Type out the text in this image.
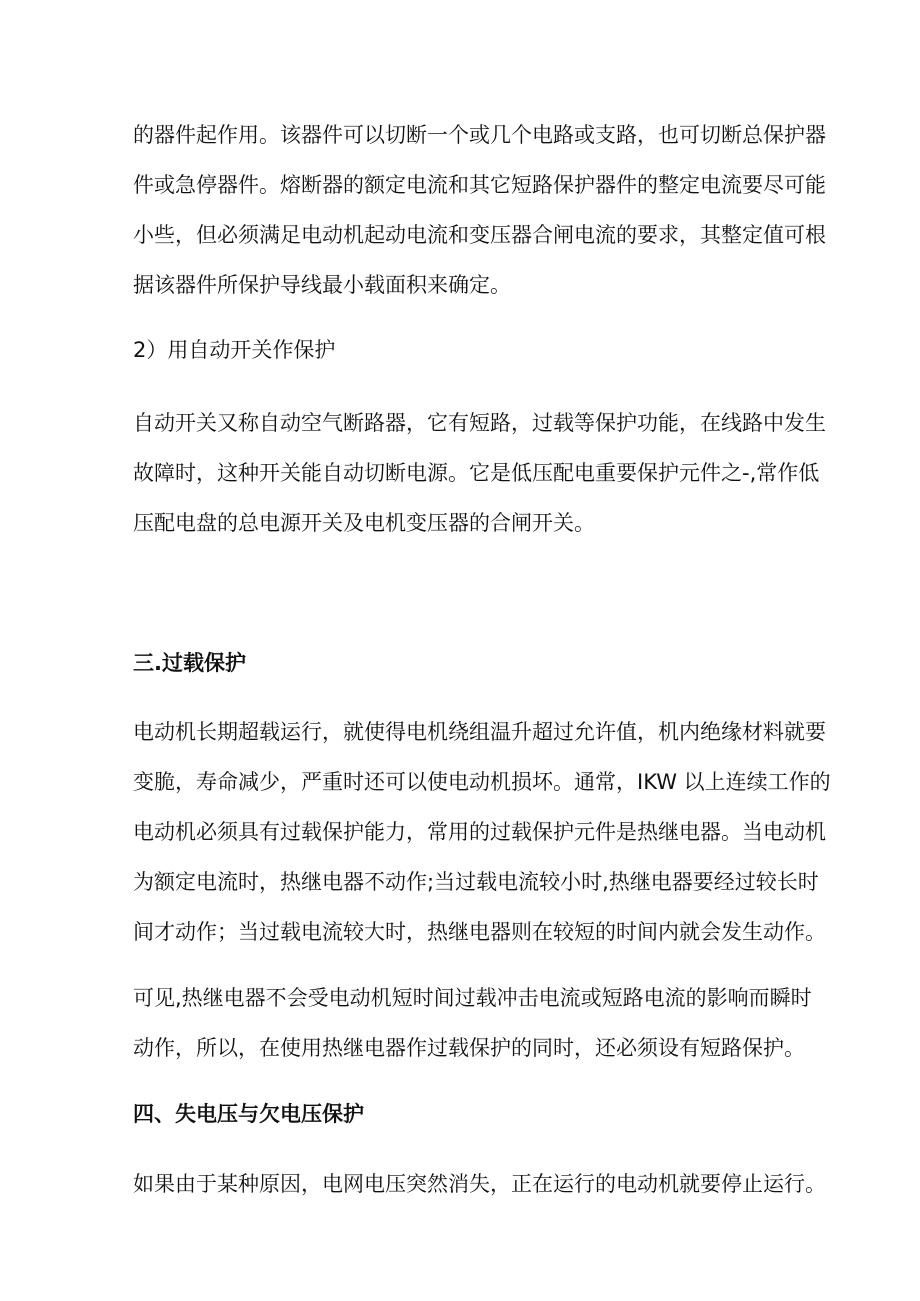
的器件起作用。该器件可以切断一个或几个电路或支路，也可切断总保护器
件或急停器件。熔断器的额定电流和其它短路保护器件的整定电流要尽可能
小些，但必须满足电动机起动电流和变压器合闸电流的要求，其整定值可根
据该器件所保护导线最小载面积来确定。
2）用自动开关作保护
自动开关又称自动空气断路器，它有短路，过载等保护功能，在线路中发生
故障时，这种开关能自动切断电源。它是低压配电重要保护元件之-,常作低
压配电盘的总电源开关及电机变压器的合闸开关。
三.过载保护
电动机长期超载运行，就使得电机绕组温升超过允许值，机内绝缘材料就要
变脆，寿命减少，严重时还可以使电动机损坏。通常，IKW 以上连续工作的
电动机必须具有过载保护能力，常用的过载保护元件是热继电器。当电动机
为额定电流时，热继电器不动作;当过载电流较小时,热继电器要经过较长时
间才动作；当过载电流较大时，热继电器则在较短的时间内就会发生动作。
可见,热继电器不会受电动机短时间过载冲击电流或短路电流的影响而瞬时
动作，所以，在使用热继电器作过载保护的同时，还必须设有短路保护。
四、失电压与欠电压保护
如果由于某种原因，电网电压突然消失，正在运行的电动机就要停止运行。
